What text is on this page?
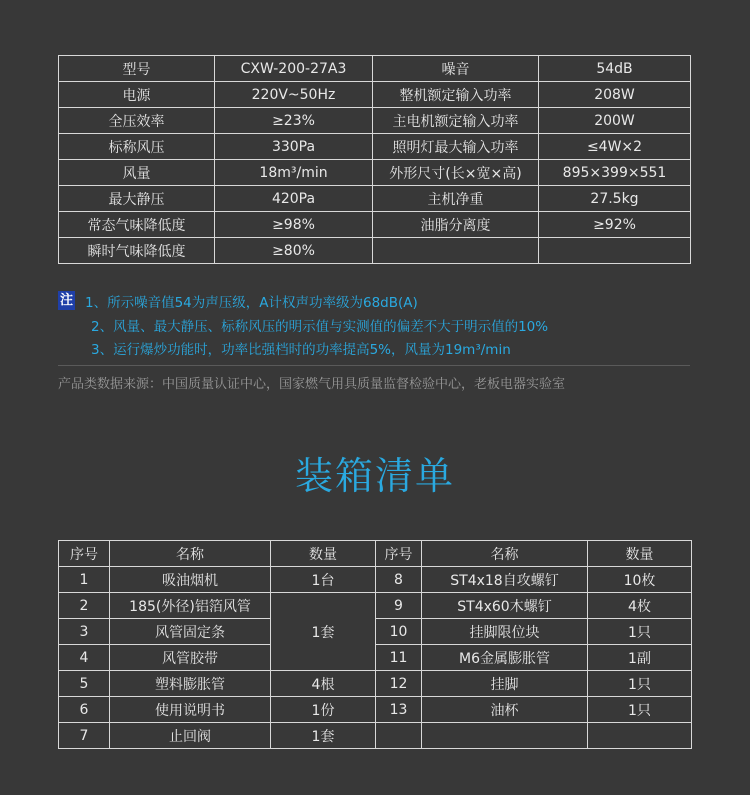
型号	CXW-200-27A3	噪音	54dB
电源	220V~50Hz	整机额定输入功率	208W
全压效率	≥23%	主电机额定输入功率	200W
标称风压	330Pa	照明灯最大输入功率	≤4W×2
风量	18m³/min	外形尺寸(长×宽×高)	895×399×551
最大静压	420Pa	主机净重	27.5kg
常态气味降低度	≥98%	油脂分离度	≥92%
瞬时气味降低度	≥80%		
注 1、所示噪音值54为声压级，A计权声功率级为68dB(A)
2、风量、最大静压、标称风压的明示值与实测值的偏差不大于明示值的10%
3、运行爆炒功能时，功率比强档时的功率提高5%，风量为19m³/min
产品类数据来源：中国质量认证中心，国家燃气用具质量监督检验中心，老板电器实验室
装箱清单
序号	名称	数量	序号	名称	数量
1	吸油烟机	1台	8	ST4x18自攻螺钉	10枚
2	185(外径)铝箔风管	1套	9	ST4x60木螺钉	4枚
3	风管固定条		10	挂脚限位块	1只
4	风管胶带		11	M6金属膨胀管	1副
5	塑料膨胀管	4根	12	挂脚	1只
6	使用说明书	1份	13	油杯	1只
7	止回阀	1套			
